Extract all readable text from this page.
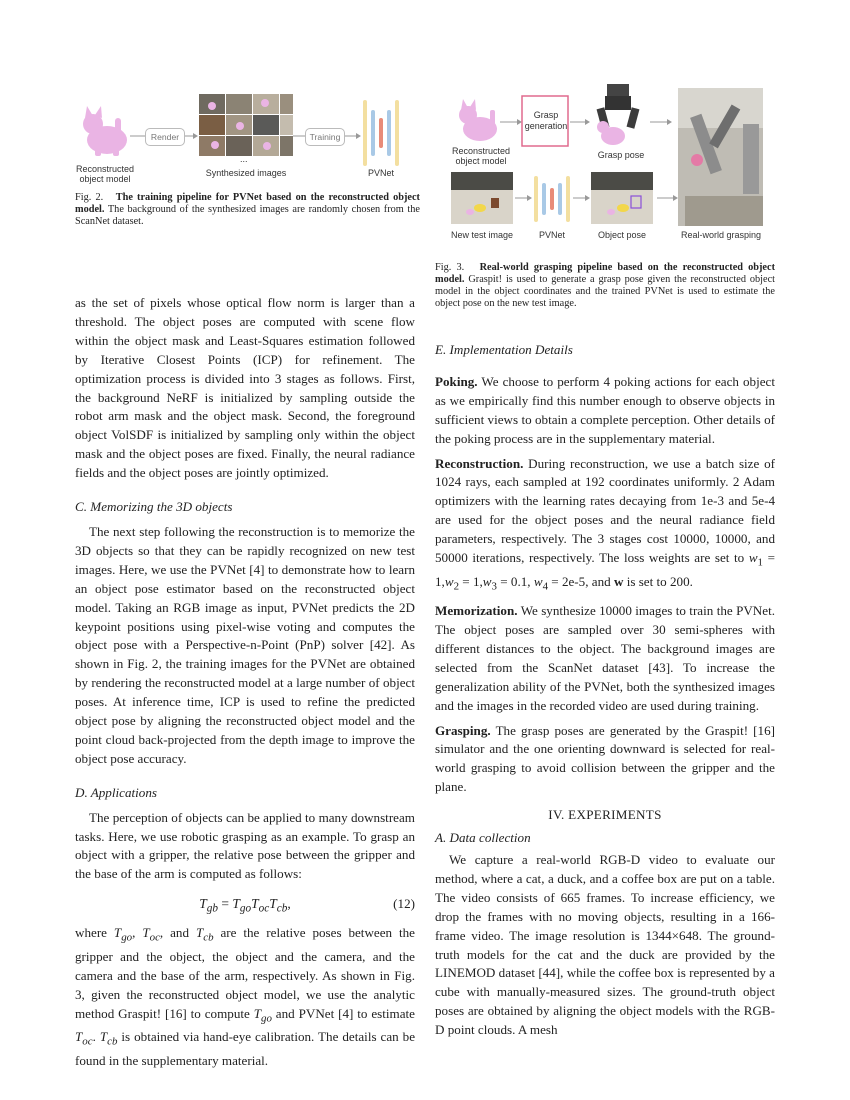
Render	Training
...
Reconstructed object model
Synthesized images	PVNet

Fig. 2. The training pipeline for PVNet based on the reconstructed object model. The background of the synthesized images are randomly chosen from the ScanNet dataset.

Grasp generation
Reconstructed object model
Grasp pose
New test image	PVNet	Object pose	Real-world grasping

Fig. 3. Real-world grasping pipeline based on the reconstructed object model. Graspit! is used to generate a grasp pose given the reconstructed object model in the object coordinates and the trained PVNet is used to estimate the object pose on the new test image.

as the set of pixels whose optical flow norm is larger than a threshold. The object poses are computed with scene flow within the object mask and Least-Squares estimation followed by Iterative Closest Points (ICP) for refinement. The optimization process is divided into 3 stages as follows. First, the background NeRF is initialized by sampling outside the robot arm mask and the object mask. Second, the foreground object VolSDF is initialized by sampling only within the object mask and the object poses are fixed. Finally, the neural radiance fields and the object poses are jointly optimized.

C. Memorizing the 3D objects

The next step following the reconstruction is to memorize the 3D objects so that they can be rapidly recognized on new test images. Here, we use the PVNet [4] to demonstrate how to learn an object pose estimator based on the reconstructed object model. Taking an RGB image as input, PVNet predicts the 2D keypoint positions using pixel-wise voting and computes the object pose with a Perspective-n-Point (PnP) solver [42]. As shown in Fig. 2, the training images for the PVNet are obtained by rendering the reconstructed model at a large number of object poses. At inference time, ICP is used to refine the predicted object pose by aligning the reconstructed object model and the point cloud back-projected from the depth image to improve the object pose accuracy.

D. Applications

The perception of objects can be applied to many downstream tasks. Here, we use robotic grasping as an example. To grasp an object with a gripper, the relative pose between the gripper and the base of the arm is computed as follows:

$T_{gb} = T_{go}T_{oc}T_{cb}$,	(12)

where $T_{go}$, $T_{oc}$, and $T_{cb}$ are the relative poses between the gripper and the object, the object and the camera, and the camera and the base of the arm, respectively. As shown in Fig. 3, given the reconstructed object model, we use the analytic method Graspit! [16] to compute $T_{go}$ and PVNet [4] to estimate $T_{oc}$. $T_{cb}$ is obtained via hand-eye calibration. The details can be found in the supplementary material.

E. Implementation Details

Poking. We choose to perform 4 poking actions for each object as we empirically find this number enough to observe objects in sufficient views to obtain a complete perception. Other details of the poking process are in the supplementary material.

Reconstruction. During reconstruction, we use a batch size of 1024 rays, each sampled at 192 coordinates uniformly. 2 Adam optimizers with the learning rates decaying from 1e-3 and 5e-4 are used for the object poses and the neural radiance field parameters, respectively. The 3 stages cost 10000, 10000, and 50000 iterations, respectively. The loss weights are set to $w_1 = 1,w_2 = 1,w_3 = 0.1$, $w_4 = 2e-5$, and w is set to 200.

Memorization. We synthesize 10000 images to train the PVNet. The object poses are sampled over 30 semi-spheres with different distances to the object. The background images are selected from the ScanNet dataset [43]. To increase the generalization ability of the PVNet, both the synthesized images and the images in the recorded video are used during training.

Grasping. The grasp poses are generated by the Graspit! [16] simulator and the one orienting downward is selected for real-world grasping to avoid collision between the gripper and the plane.

IV. EXPERIMENTS

A. Data collection

We capture a real-world RGB-D video to evaluate our method, where a cat, a duck, and a coffee box are put on a table. The video consists of 665 frames. To increase efficiency, we drop the frames with no moving objects, resulting in a 166-frame video. The image resolution is 1344×648. The ground-truth models for the cat and the duck are provided by the LINEMOD dataset [44], while the coffee box is represented by a cube with manually-measured sizes. The ground-truth object poses are obtained by aligning the object models with the RGB-D point clouds. A mesh
